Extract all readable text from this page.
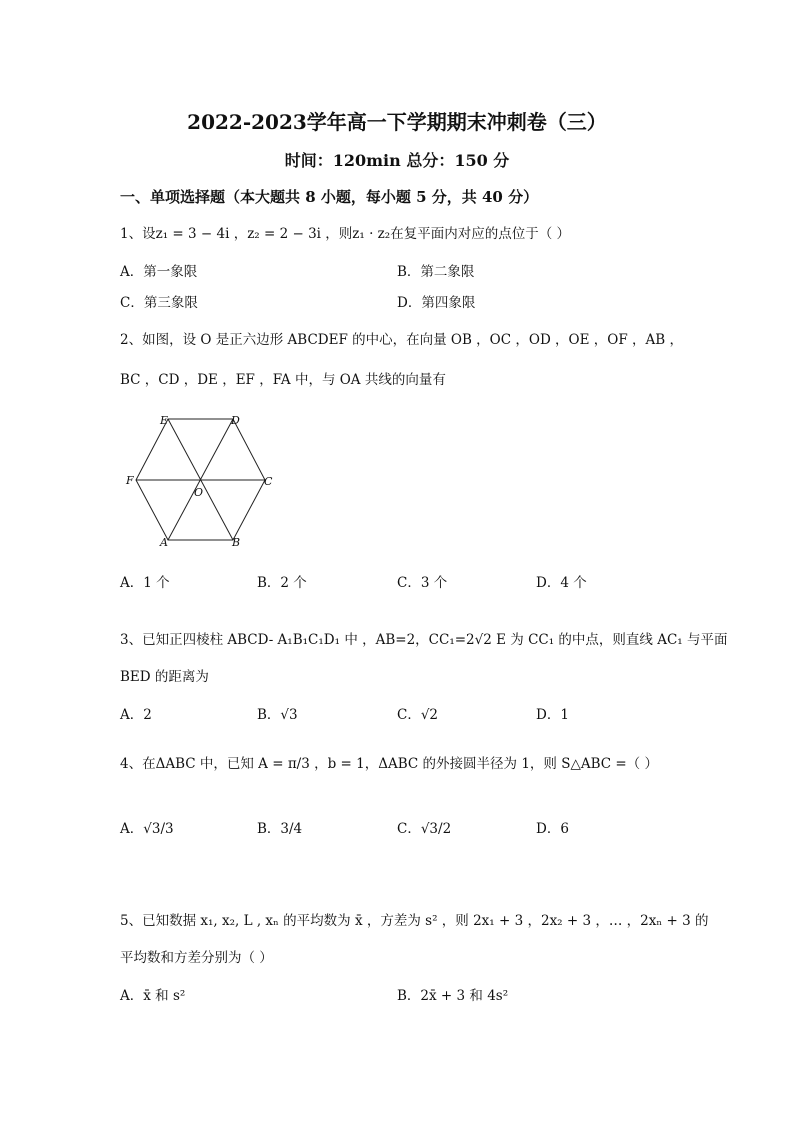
2022-2023学年高一下学期期末冲刺卷（三）
时间：120min 总分：150 分
一、单项选择题（本大题共 8 小题，每小题 5 分，共 40 分）
1、设z₁ = 3 − 4i ，z₂ = 2 − 3i ，则z₁ · z₂在复平面内对应的点位于（ ）
A．第一象限	B．第二象限
C．第三象限	D．第四象限
2、如图，设 O 是正六边形 ABCDEF 的中心，在向量 OB ，OC ，OD ，OE ，OF ，AB ，
BC ，CD ，DE ，EF ，FA 中，与 OA 共线的向量有
E	D
F
O
C
A	B
A．1 个	B．2 个	C．3 个	D．4 个
3、已知正四棱柱 ABCD- A₁B₁C₁D₁ 中 ，AB=2，CC₁=2√2 E 为 CC₁ 的中点，则直线 AC₁ 与平面
BED 的距离为
A．2	B．√3	C．√2	D．1
4、在ΔABC 中，已知 A = π/3 ，b = 1，ΔABC 的外接圆半径为 1，则 S△ABC =（ ）
A．√3/3	B．3/4	C．√3/2	D．6
5、已知数据 x₁, x₂, L , xₙ 的平均数为 x̄ ，方差为 s² ，则 2x₁ + 3 ，2x₂ + 3 ，… ，2xₙ + 3 的
平均数和方差分别为（ ）
A．x̄ 和 s²	B．2x̄ + 3 和 4s²
